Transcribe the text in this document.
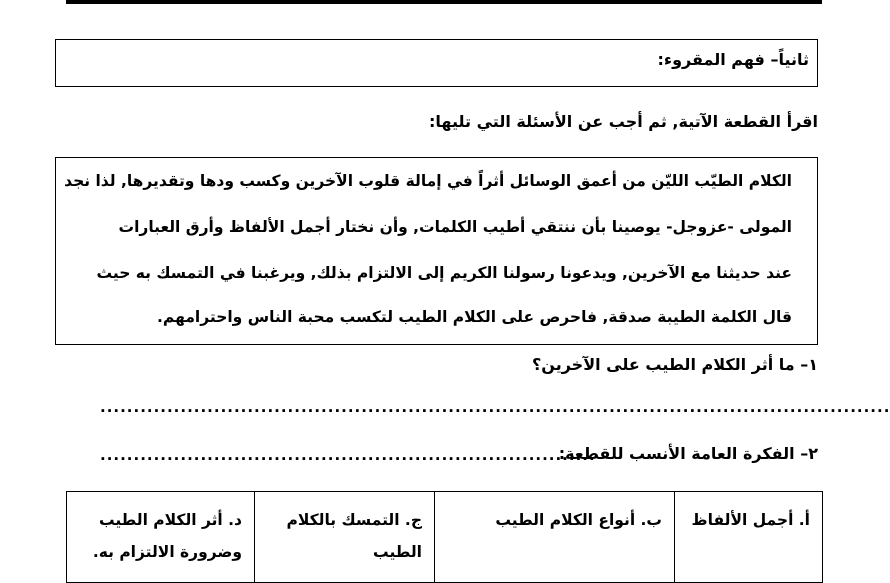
ثانياً– فهم المقروء:
اقرأ القطعة الآتية, ثم أجب عن الأسئلة التي تليها:
الكلام الطيّب الليّن من أعمق الوسائل أثراً في إمالة قلوب الآخرين وكسب ودها وتقديرها, لذا نجد
المولى -عزوجل- يوصينا بأن ننتقي أطيب الكلمات, وأن نختار أجمل الألفاظ وأرق العبارات
عند حديثنا مع الآخرين, ويدعونا رسولنا الكريم إلى الالتزام بذلك, ويرغبنا في التمسك به حيث
قال الكلمة الطيبة صدقة, فاحرص على الكلام الطيب لتكسب محبة الناس واحترامهم.
١– ما أثر الكلام الطيب على الآخرين؟
......................................................................................................................
٢– الفكرة العامة الأنسب للقطعة:
..........................................................................
أ. أجمل الألفاظ	ب. أنواع الكلام الطيب	ج. التمسك بالكلام الطيب	د. أثر الكلام الطيب وضرورة الالتزام به.
